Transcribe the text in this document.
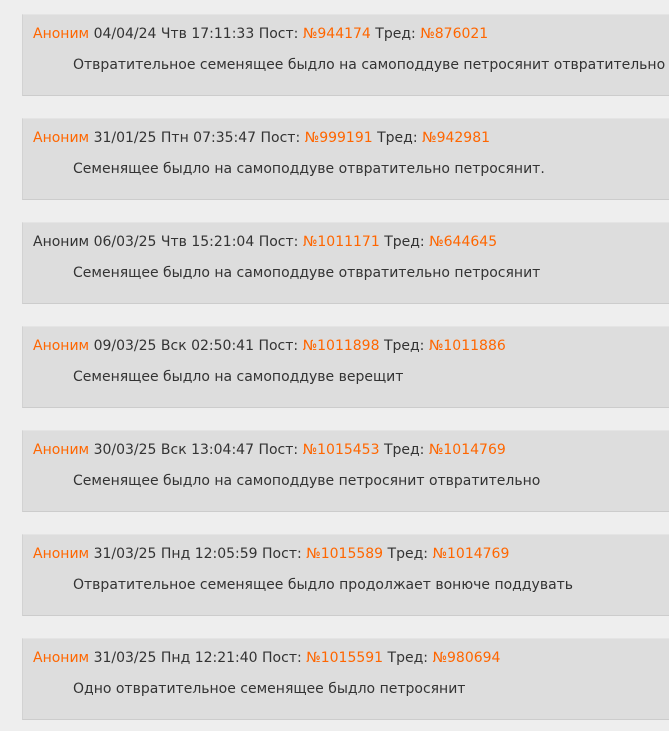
Аноним 04/04/24 Чтв 17:11:33 Пост: №944174 Тред: №876021
Отвратительное семенящее быдло на самоподдуве петросянит отвратительно
Аноним 31/01/25 Птн 07:35:47 Пост: №999191 Тред: №942981
Семенящее быдло на самоподдуве отвратительно петросянит.
Аноним 06/03/25 Чтв 15:21:04 Пост: №1011171 Тред: №644645
Семенящее быдло на самоподдуве отвратительно петросянит
Аноним 09/03/25 Вск 02:50:41 Пост: №1011898 Тред: №1011886
Семенящее быдло на самоподдуве верещит
Аноним 30/03/25 Вск 13:04:47 Пост: №1015453 Тред: №1014769
Семенящее быдло на самоподдуве петросянит отвратительно
Аноним 31/03/25 Пнд 12:05:59 Пост: №1015589 Тред: №1014769
Отвратительное семенящее быдло продолжает вонюче поддувать
Аноним 31/03/25 Пнд 12:21:40 Пост: №1015591 Тред: №980694
Одно отвратительное семенящее быдло петросянит
